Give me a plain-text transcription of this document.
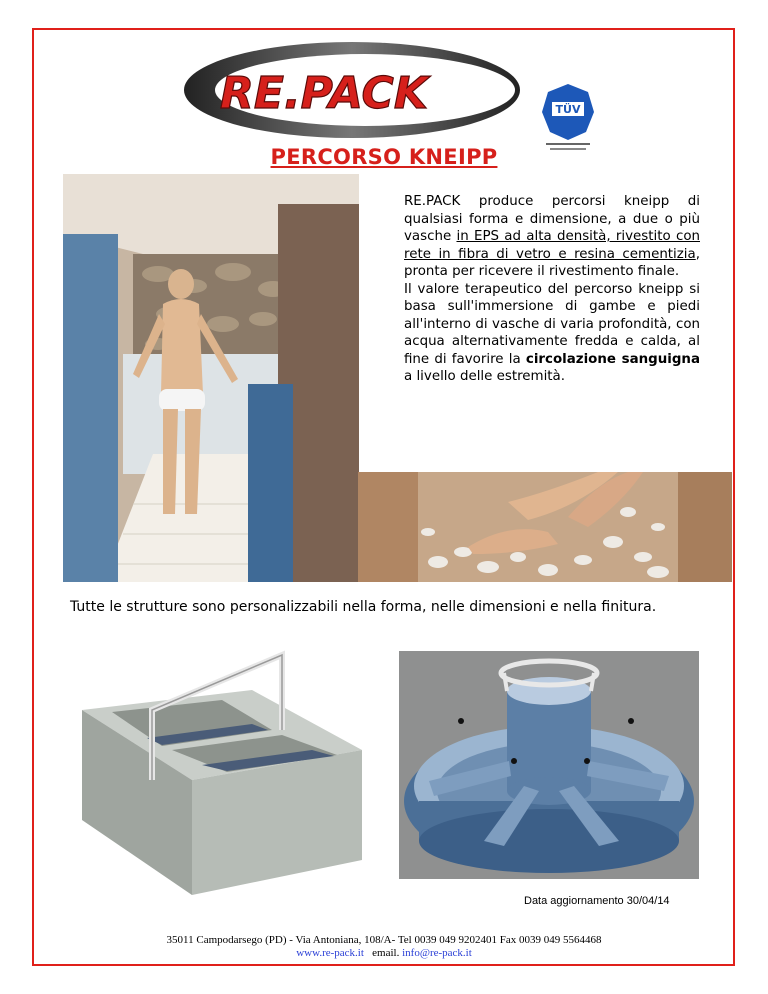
RE.PACK	TÜV
PERCORSO KNEIPP

RE.PACK produce percorsi kneipp di qualsiasi forma e dimensione, a due o più vasche in EPS ad alta densità, rivestito con rete in fibra di vetro e resina cementizia, pronta per ricevere il rivestimento finale.

Il valore terapeutico del percorso kneipp si basa sull'immersione di gambe e piedi all'interno di vasche di varia profondità, con acqua alternativamente fredda e calda, al fine di favorire la circolazione sanguigna a livello delle estremità.

Tutte le strutture sono personalizzabili nella forma, nelle dimensioni e nella finitura.
Data aggiornamento 30/04/14
35011 Campodarsego (PD) - Via Antoniana, 108/A- Tel 0039 049 9202401 Fax 0039 049 5564468
www.re-pack.it email. info@re-pack.it
